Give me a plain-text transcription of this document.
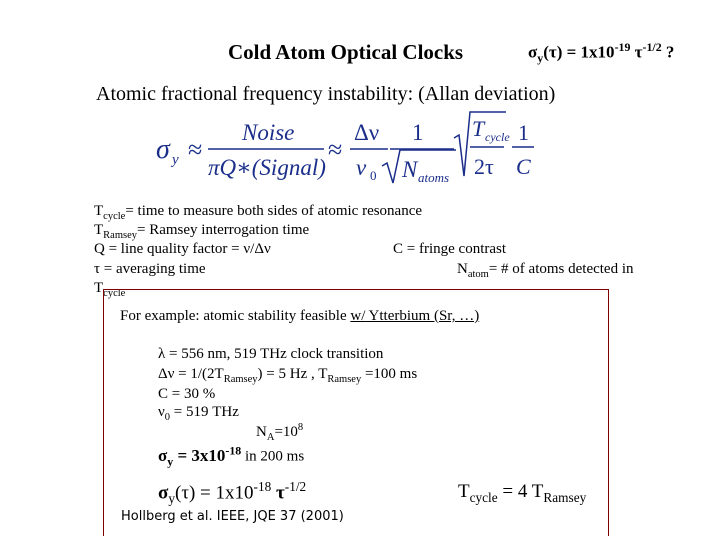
Cold Atom Optical Clocks	$\sigma_y(\tau) = 1x10^{-19}$ $\tau^{-1/2}$ ?
Atomic fractional frequency instability: (Allan deviation)
σ y ≈
Noise
πQ∗(Signal)
≈
Δν
ν 0
1
N atoms
T cycle
2τ
1
C
$T_{cycle}=$ time to measure both sides of atomic resonance
$T_{Ramsey}=$ Ramsey interrogation time
Q = line quality factor = ν/Δν	C = fringe contrast
τ = averaging time	$N_{atom}=$ # of atoms detected in
$T_{cycle}$
For example: atomic stability feasible w/ Ytterbium (Sr, …)
λ = 556 nm, 519 THz clock transition
$\Delta\nu = 1/(2T_{Ramsey}) = 5$ Hz , $T_{Ramsey} =100$ ms
C = 30 %
$\nu_0 = 519$ THz
$N_A=10^8$
$\sigma_y = 3x10^{-18}$ in 200 ms
$\sigma_y(\tau) = 1x10^{-18}$ $\tau^{-1/2}$	$T_{cycle} = 4$ $T_{Ramsey}$
Hollberg et al. IEEE, JQE 37 (2001)
